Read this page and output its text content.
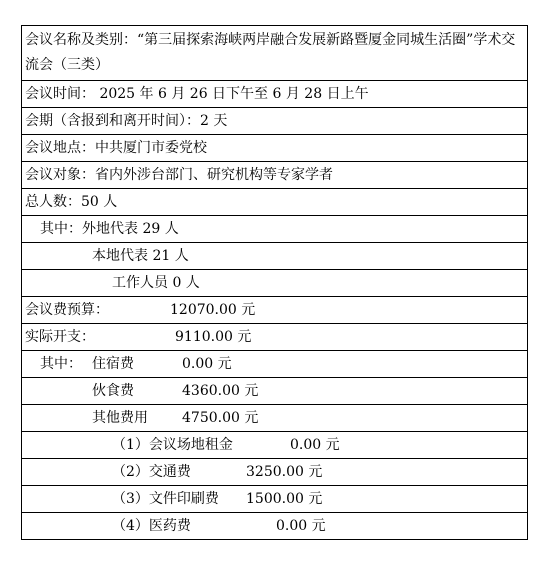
会议名称及类别：“第三届探索海峡两岸融合发展新路暨厦金同城生活圈”学术交流会（三类）
会议时间： 2025 年 6 月 26 日下午至 6 月 28 日上午
会期（含报到和离开时间）：2 天
会议地点：中共厦门市委党校
会议对象：省内外涉台部门、研究机构等专家学者
总人数：50 人
其中：外地代表 29 人
本地代表 21 人
工作人员 0 人
会议费预算：	12070.00 元
实际开支：	9110.00 元
其中： 住宿费	0.00 元
伙食费	4360.00 元
其他费用 4750.00 元
（1）会议场地租金	0.00 元
（2）交通费	3250.00 元
（3）文件印刷费 1500.00 元
（4）医药费	0.00 元
